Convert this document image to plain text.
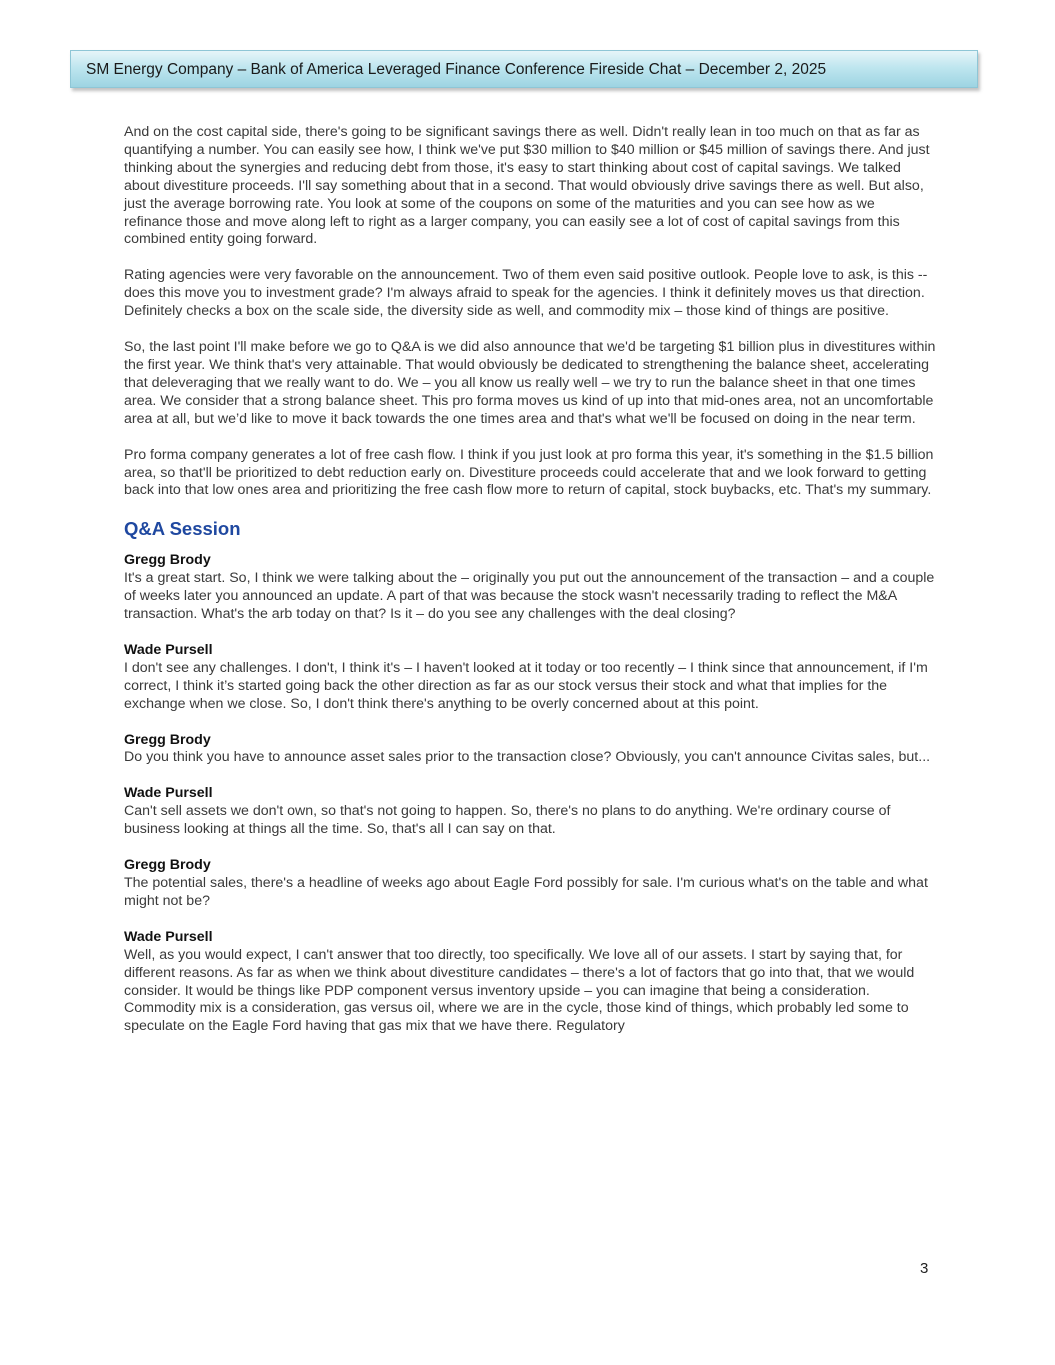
SM Energy Company – Bank of America Leveraged Finance Conference Fireside Chat – December 2, 2025

And on the cost capital side, there's going to be significant savings there as well. Didn't really lean in too much on that as far as quantifying a number. You can easily see how, I think we've put $30 million to $40 million or $45 million of savings there. And just thinking about the synergies and reducing debt from those, it's easy to start thinking about cost of capital savings. We talked about divestiture proceeds. I'll say something about that in a second. That would obviously drive savings there as well. But also, just the average borrowing rate. You look at some of the coupons on some of the maturities and you can see how as we refinance those and move along left to right as a larger company, you can easily see a lot of cost of capital savings from this combined entity going forward.

Rating agencies were very favorable on the announcement. Two of them even said positive outlook. People love to ask, is this -- does this move you to investment grade? I'm always afraid to speak for the agencies. I think it definitely moves us that direction. Definitely checks a box on the scale side, the diversity side as well, and commodity mix – those kind of things are positive.

So, the last point I'll make before we go to Q&A is we did also announce that we'd be targeting $1 billion plus in divestitures within the first year. We think that's very attainable. That would obviously be dedicated to strengthening the balance sheet, accelerating that deleveraging that we really want to do. We – you all know us really well – we try to run the balance sheet in that one times area. We consider that a strong balance sheet. This pro forma moves us kind of up into that mid-ones area, not an uncomfortable area at all, but we’d like to move it back towards the one times area and that's what we'll be focused on doing in the near term.

Pro forma company generates a lot of free cash flow. I think if you just look at pro forma this year, it's something in the $1.5 billion area, so that'll be prioritized to debt reduction early on. Divestiture proceeds could accelerate that and we look forward to getting back into that low ones area and prioritizing the free cash flow more to return of capital, stock buybacks, etc. That's my summary.

Q&A Session

Gregg Brody

It's a great start. So, I think we were talking about the – originally you put out the announcement of the transaction – and a couple of weeks later you announced an update. A part of that was because the stock wasn't necessarily trading to reflect the M&A transaction. What's the arb today on that? Is it – do you see any challenges with the deal closing?

Wade Pursell

I don't see any challenges. I don't, I think it's – I haven't looked at it today or too recently – I think since that announcement, if I'm correct, I think it’s started going back the other direction as far as our stock versus their stock and what that implies for the exchange when we close. So, I don't think there's anything to be overly concerned about at this point.

Gregg Brody

Do you think you have to announce asset sales prior to the transaction close? Obviously, you can't announce Civitas sales, but...

Wade Pursell

Can't sell assets we don't own, so that's not going to happen. So, there's no plans to do anything. We're ordinary course of business looking at things all the time. So, that's all I can say on that.

Gregg Brody

The potential sales, there's a headline of weeks ago about Eagle Ford possibly for sale. I'm curious what's on the table and what might not be?

Wade Pursell

Well, as you would expect, I can't answer that too directly, too specifically. We love all of our assets. I start by saying that, for different reasons. As far as when we think about divestiture candidates – there's a lot of factors that go into that, that we would consider. It would be things like PDP component versus inventory upside – you can imagine that being a consideration. Commodity mix is a consideration, gas versus oil, where we are in the cycle, those kind of things, which probably led some to speculate on the Eagle Ford having that gas mix that we have there. Regulatory

3
